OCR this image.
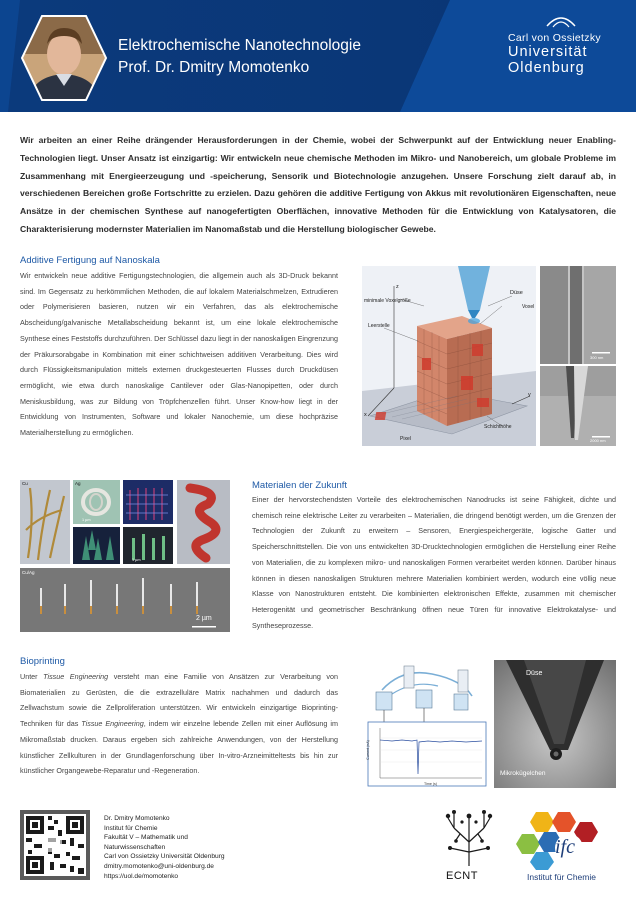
Elektrochemische Nanotechnologie
Prof. Dr. Dmitry Momotenko
Carl von Ossietzky
Universität
Oldenburg
Wir arbeiten an einer Reihe drängender Herausforderungen in der Chemie, wobei der Schwerpunkt auf der Entwicklung neuer Enabling-Technologien liegt. Unser Ansatz ist einzigartig: Wir entwickeln neue chemische Methoden im Mikro- und Nanobereich, um globale Probleme im Zusammenhang mit Energieerzeugung und -speicherung, Sensorik und Biotechnologie anzugehen. Unsere Forschung zielt darauf ab, in verschiedenen Bereichen große Fortschritte zu erzielen. Dazu gehören die additive Fertigung von Akkus mit revolutionären Eigenschaften, neue Ansätze in der chemischen Synthese auf nanogefertigten Oberflächen, innovative Methoden für die Entwicklung von Katalysatoren, die Charakterisierung modernster Materialien im Nanomaßstab und die Herstellung biologischer Gewebe.
Additive Fertigung auf Nanoskala
Wir entwickeln neue additive Fertigungstechnologien, die allgemein auch als 3D-Druck bekannt sind. Im Gegensatz zu herkömmlichen Methoden, die auf lokalem Materialschmelzen, Extrudieren oder Polymerisieren basieren, nutzen wir ein Verfahren, das als elektrochemische Abscheidung/galvanische Metallabscheidung bekannt ist, um eine lokale elektrochemische Synthese eines Feststoffs durchzuführen. Der Schlüssel dazu liegt in der nanoskaligen Eingrenzung der Präkursorabgabe in Kombination mit einer schichtweisen additiven Verarbeitung. Dies wird durch Flüssigkeitsmanipulation mittels externen druckgesteuerten Flusses durch Druckdüsen ermöglicht, wie etwa durch nanoskalige Cantilever oder Glas-Nanopipetten, oder durch Meniskusbildung, was zur Bildung von Tröpfchenzellen führt. Unser Know-how liegt in der Entwicklung von Instrumenten, Software und lokaler Nanochemie, um diese hochpräzise Materialherstellung zu ermöglichen.
Düse
minimale Voxelgröße
Voxel
Leerstelle
Schichthöhe
Pixel
z
x
y
300 nm
2000 nm
Cu/Ag
Cu	Ag
1 µm
1 µm
2 µm
Materialen der Zukunft
Einer der hervorstechendsten Vorteile des elektrochemischen Nanodrucks ist seine Fähigkeit, dichte und chemisch reine elektrische Leiter zu verarbeiten – Materialien, die dringend benötigt werden, um die Grenzen der Technologien der Zukunft zu erweitern – Sensoren, Energiespeichergeräte, logische Gatter und Speicherschnittstellen. Die von uns entwickelten 3D-Drucktechnologien ermöglichen die Herstellung einer Reihe von Materialien, die zu komplexen mikro- und nanoskaligen Formen verarbeitet werden können. Darüber hinaus können in diesen nanoskaligen Strukturen mehrere Materialien kombiniert werden, wodurch eine völlig neue Klasse von Nanostrukturen entsteht. Die kombinierten elektronischen Effekte, zusammen mit chemischer Heterogenität und geometrischer Beschränkung öffnen neue Türen für innovative Elektrokatalyse- und Syntheseprozesse.
Bioprinting
Unter Tissue Engineering versteht man eine Familie von Ansätzen zur Verarbeitung von Biomaterialien zu Gerüsten, die die extrazelluläre Matrix nachahmen und dadurch das Zellwachstum sowie die Zellproliferation unterstützen. Wir entwickeln einzigartige Bioprinting-Techniken für das Tissue Engineering, indem wir einzelne lebende Zellen mit einer Auflösung im Mikromaßstab drucken. Daraus ergeben sich zahlreiche Anwendungen, von der Herstellung künstlicher Zellkulturen in der Grundlagenforschung über In-vitro-Arzneimitteltests bis hin zur künstlicher Organgewebe-Reparatur und -Regeneration.
Current (nA)
Time (s)
Düse
Mikrokügelchen
Dr. Dmitry Momotenko
Institut für Chemie
Fakultät V – Mathematik und
Naturwissenschaften
Carl von Ossietzky Universität Oldenburg
dmitry.momotenko@uni-oldenburg.de
https://uol.de/momotenko	ECNT
ifc
Institut für Chemie
